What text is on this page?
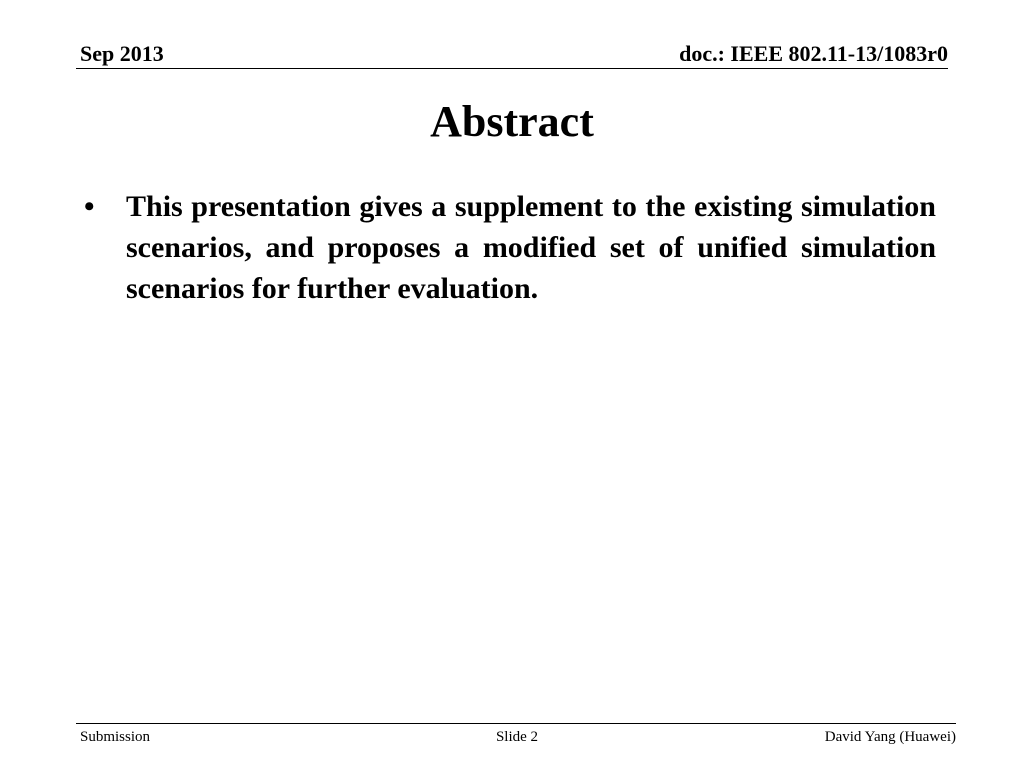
Sep 2013	doc.: IEEE 802.11-13/1083r0
Abstract
•	This presentation gives a supplement to the existing simulation scenarios, and proposes a modified set of unified simulation scenarios for further evaluation.
Submission	Slide 2	David Yang (Huawei)
